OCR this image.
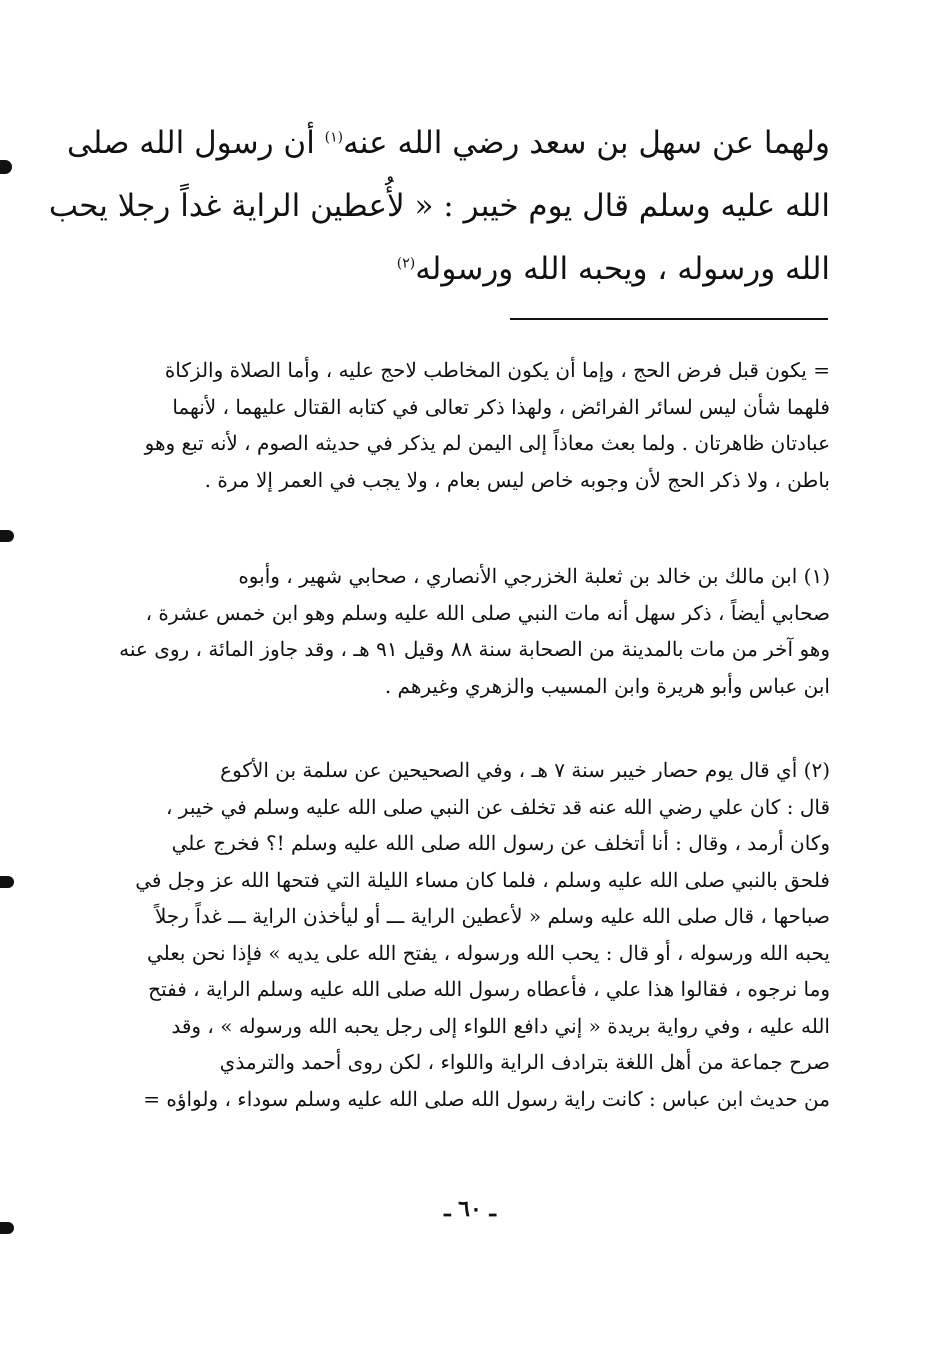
ولهما عن سهل بن سعد رضي الله عنه$^{(١)}$ أن رسول الله صلى
الله عليه وسلم قال يوم خيبر : « لأُعطين الراية غداً رجلا يحب
الله ورسوله ، ويحبه الله ورسوله$^{(٢)}$
= يكون قبل فرض الحج ، وإما أن يكون المخاطب لاحج عليه ، وأما الصلاة والزكاة
فلهما شأن ليس لسائر الفرائض ، ولهذا ذكر تعالى في كتابه القتال عليهما ، لأنهما
عبادتان ظاهرتان . ولما بعث معاذاً إلى اليمن لم يذكر في حديثه الصوم ، لأنه تبع وهو
باطن ، ولا ذكر الحج لأن وجوبه خاص ليس بعام ، ولا يجب في العمر إلا مرة .
(١) ابن مالك بن خالد بن ثعلبة الخزرجي الأنصاري ، صحابي شهير ، وأبوه
صحابي أيضاً ، ذكر سهل أنه مات النبي صلى الله عليه وسلم وهو ابن خمس عشرة ،
وهو آخر من مات بالمدينة من الصحابة سنة ٨٨ وقيل ٩١ هـ ، وقد جاوز المائة ، روى عنه
ابن عباس وأبو هريرة وابن المسيب والزهري وغيرهم .
(٢) أي قال يوم حصار خيبر سنة ٧ هـ ، وفي الصحيحين عن سلمة بن الأكوع
قال : كان علي رضي الله عنه قد تخلف عن النبي صلى الله عليه وسلم في خيبر ،
وكان أرمد ، وقال : أنا أتخلف عن رسول الله صلى الله عليه وسلم !؟ فخرج علي
فلحق بالنبي صلى الله عليه وسلم ، فلما كان مساء الليلة التي فتحها الله عز وجل في
صباحها ، قال صلى الله عليه وسلم « لأعطين الراية ـــ أو ليأخذن الراية ـــ غداً رجلاً
يحبه الله ورسوله ، أو قال : يحب الله ورسوله ، يفتح الله على يديه » فإذا نحن بعلي
وما نرجوه ، فقالوا هذا علي ، فأعطاه رسول الله صلى الله عليه وسلم الراية ، ففتح
الله عليه ، وفي رواية بريدة « إني دافع اللواء إلى رجل يحبه الله ورسوله » ، وقد
صرح جماعة من أهل اللغة بترادف الراية واللواء ، لكن روى أحمد والترمذي
من حديث ابن عباس : كانت راية رسول الله صلى الله عليه وسلم سوداء ، ولواؤه =
ـ ٦٠ ـ
